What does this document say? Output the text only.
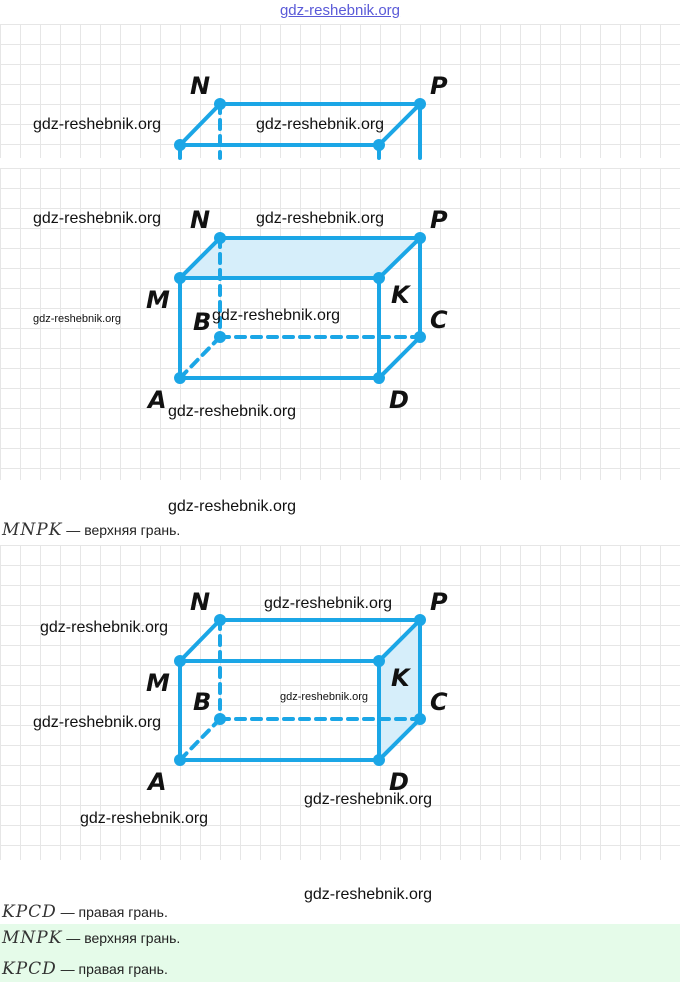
gdz-reshebnik.org
N	P
gdz-reshebnik.org	gdz-reshebnik.org
N	P
M	K
B	C
A	D
gdz-reshebnik.org	gdz-reshebnik.org
gdz-reshebnik.org	gdz-reshebnik.org
gdz-reshebnik.org
gdz-reshebnik.org
MNPK — верхняя грань.
N	P
M	K
B	C
A	D
gdz-reshebnik.org
gdz-reshebnik.org
gdz-reshebnik.org
gdz-reshebnik.org
gdz-reshebnik.org
gdz-reshebnik.org
gdz-reshebnik.org
KPCD — правая грань.
MNPK — верхняя грань.
KPCD — правая грань.
